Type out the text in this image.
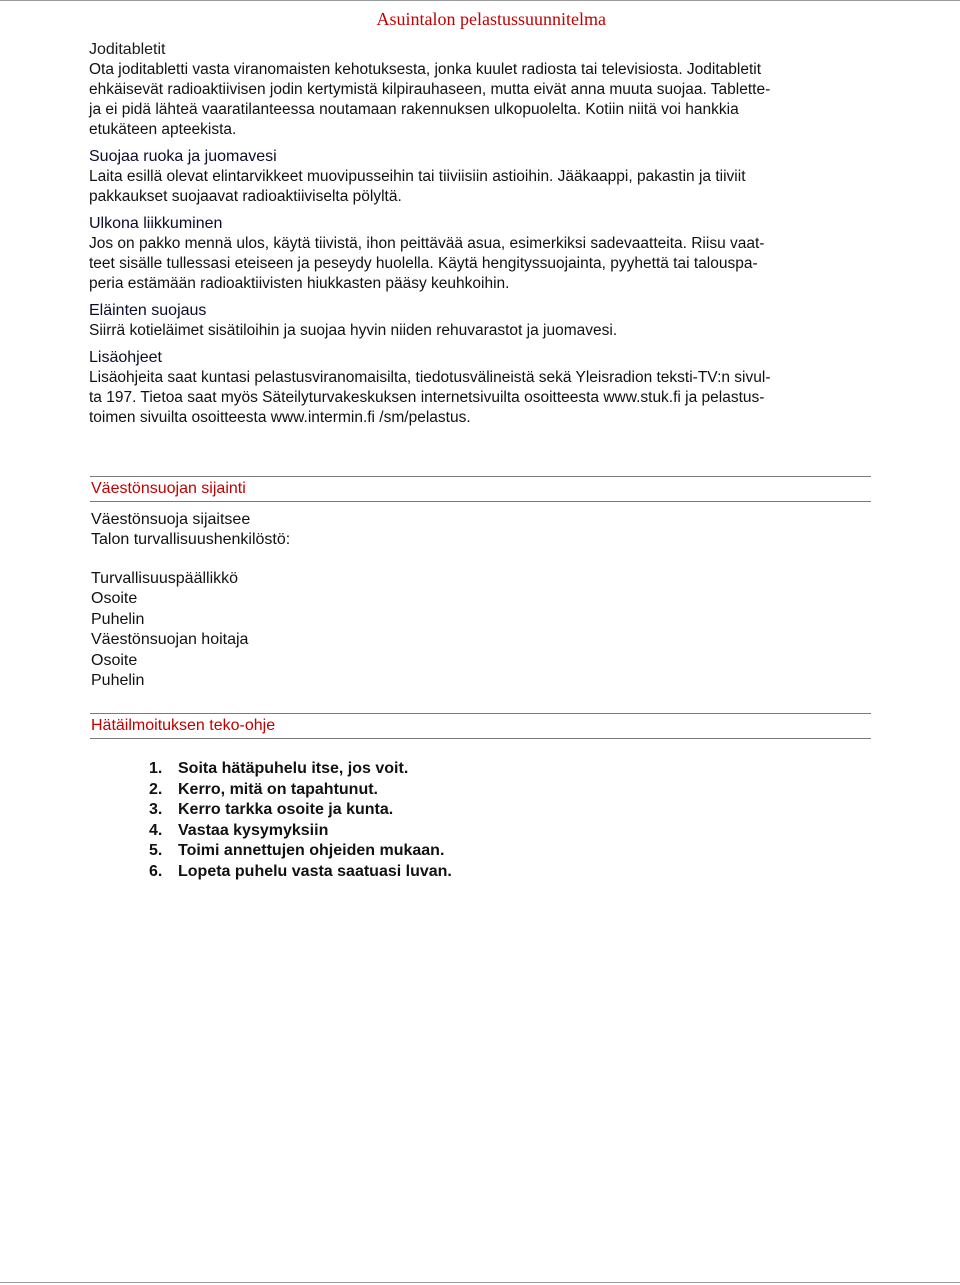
Asuintalon pelastussuunnitelma
Joditabletit
Ota joditabletti vasta viranomaisten kehotuksesta, jonka kuulet radiosta tai televisiosta. Joditabletit
ehkäisevät radioaktiivisen jodin kertymistä kilpirauhaseen, mutta eivät anna muuta suojaa. Tablette-
ja ei pidä lähteä vaaratilanteessa noutamaan rakennuksen ulkopuolelta. Kotiin niitä voi hankkia
etukäteen apteekista.
Suojaa ruoka ja juomavesi
Laita esillä olevat elintarvikkeet muovipusseihin tai tiiviisiin astioihin. Jääkaappi, pakastin ja tiiviit
pakkaukset suojaavat radioaktiiviselta pölyltä.
Ulkona liikkuminen
Jos on pakko mennä ulos, käytä tiivistä, ihon peittävää asua, esimerkiksi sadevaatteita. Riisu vaat-
teet sisälle tullessasi eteiseen ja peseydy huolella. Käytä hengityssuojainta, pyyhettä tai talouspa-
peria estämään radioaktiivisten hiukkasten pääsy keuhkoihin.
Eläinten suojaus
Siirrä kotieläimet sisätiloihin ja suojaa hyvin niiden rehuvarastot ja juomavesi.
Lisäohjeet
Lisäohjeita saat kuntasi pelastusviranomaisilta, tiedotusvälineistä sekä Yleisradion teksti-TV:n sivul-
ta 197. Tietoa saat myös Säteilyturvakeskuksen internetsivuilta osoitteesta www.stuk.fi ja pelastus-
toimen sivuilta osoitteesta www.intermin.fi /sm/pelastus.
Väestönsuojan sijainti
Väestönsuoja sijaitsee
Talon turvallisuushenkilöstö:
Turvallisuuspäällikkö
Osoite
Puhelin
Väestönsuojan hoitaja
Osoite
Puhelin
Hätäilmoituksen teko-ohje
1. Soita hätäpuhelu itse, jos voit.
2. Kerro, mitä on tapahtunut.
3. Kerro tarkka osoite ja kunta.
4. Vastaa kysymyksiin
5. Toimi annettujen ohjeiden mukaan.
6. Lopeta puhelu vasta saatuasi luvan.
